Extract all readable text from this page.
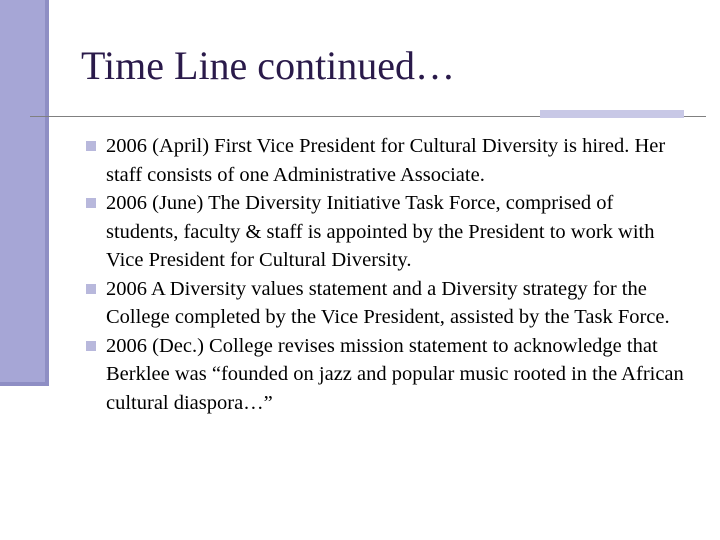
Time Line continued…
2006 (April) First Vice President for Cultural Diversity is hired. Her staff consists of one Administrative Associate.
2006 (June) The Diversity Initiative Task Force, comprised of students, faculty & staff is appointed by the President to work with Vice President for Cultural Diversity.
2006 A Diversity values statement and a Diversity strategy for the College completed by the Vice President, assisted by the Task Force.
2006 (Dec.) College revises mission statement to acknowledge that Berklee was “founded on jazz and popular music rooted in the African cultural diaspora…”
